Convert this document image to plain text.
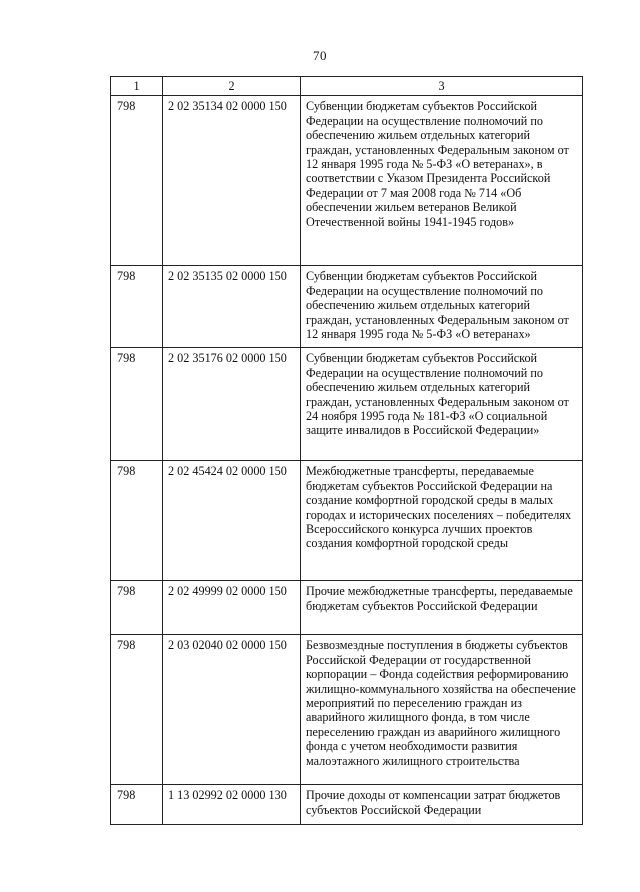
70
1	2	3
798	2 02 35134 02 0000 150	Субвенции бюджетам субъектов Российской Федерации на осуществление полномочий по обеспечению жильем отдельных категорий граждан, установленных Федеральным законом от 12 января 1995 года № 5-ФЗ «О ветеранах», в соответствии с Указом Президента Российской Федерации от 7 мая 2008 года № 714 «Об обеспечении жильем ветеранов Великой Отечественной войны 1941-1945 годов»
798	2 02 35135 02 0000 150	Субвенции бюджетам субъектов Российской Федерации на осуществление полномочий по обеспечению жильем отдельных категорий граждан, установленных Федеральным законом от 12 января 1995 года № 5-ФЗ «О ветеранах»
798	2 02 35176 02 0000 150	Субвенции бюджетам субъектов Российской Федерации на осуществление полномочий по обеспечению жильем отдельных категорий граждан, установленных Федеральным законом от 24 ноября 1995 года № 181-ФЗ «О социальной защите инвалидов в Российской Федерации»
798	2 02 45424 02 0000 150	Межбюджетные трансферты, передаваемые бюджетам субъектов Российской Федерации на создание комфортной городской среды в малых городах и исторических поселениях – победителях Всероссийского конкурса лучших проектов создания комфортной городской среды
798	2 02 49999 02 0000 150	Прочие межбюджетные трансферты, передаваемые бюджетам субъектов Российской Федерации
798	2 03 02040 02 0000 150	Безвозмездные поступления в бюджеты субъектов Российской Федерации от государственной корпорации – Фонда содействия реформированию жилищно-коммунального хозяйства на обеспечение мероприятий по переселению граждан из аварийного жилищного фонда, в том числе переселению граждан из аварийного жилищного фонда с учетом необходимости развития малоэтажного жилищного строительства
798	1 13 02992 02 0000 130	Прочие доходы от компенсации затрат бюджетов субъектов Российской Федерации
